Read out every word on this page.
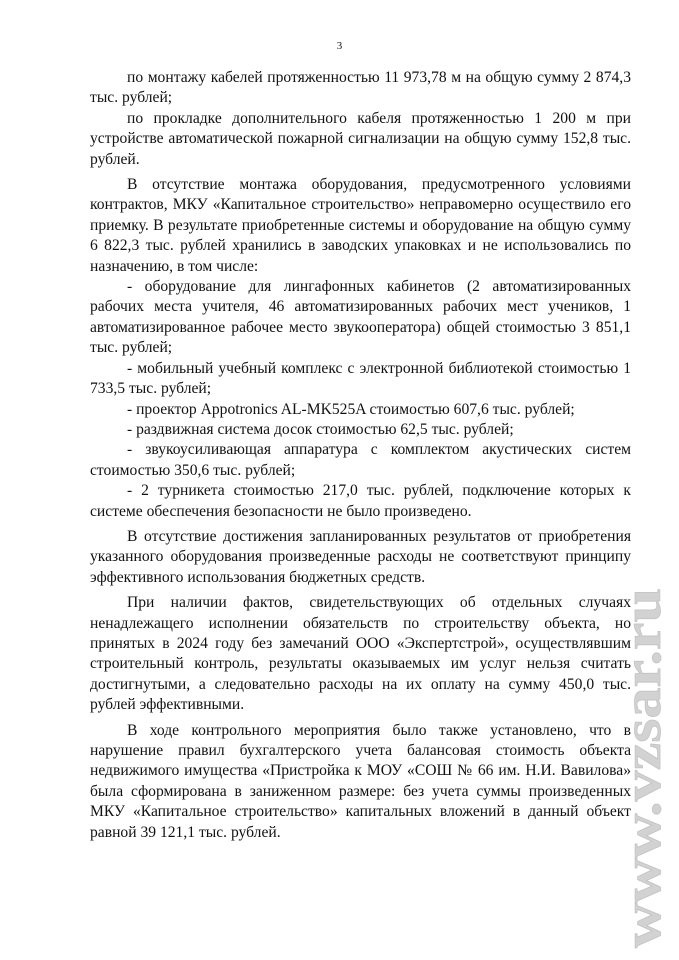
3

по монтажу кабелей протяженностью 11 973,78 м на общую сумму 2 874,3 тыс. рублей;

по прокладке дополнительного кабеля протяженностью 1 200 м при устройстве автоматической пожарной сигнализации на общую сумму 152,8 тыс. рублей.

В отсутствие монтажа оборудования, предусмотренного условиями контрактов, МКУ «Капитальное строительство» неправомерно осуществило его приемку. В результате приобретенные системы и оборудование на общую сумму 6 822,3 тыс. рублей хранились в заводских упаковках и не использовались по назначению, в том числе:

- оборудование для лингафонных кабинетов (2 автоматизированных рабочих места учителя, 46 автоматизированных рабочих мест учеников, 1 автоматизированное рабочее место звукооператора) общей стоимостью 3 851,1 тыс. рублей;

- мобильный учебный комплекс с электронной библиотекой стоимостью 1 733,5 тыс. рублей;

- проектор Appotronics AL-MK525A стоимостью 607,6 тыс. рублей;

- раздвижная система досок стоимостью 62,5 тыс. рублей;

- звукоусиливающая аппаратура с комплектом акустических систем стоимостью 350,6 тыс. рублей;

- 2 турникета стоимостью 217,0 тыс. рублей, подключение которых к системе обеспечения безопасности не было произведено.

В отсутствие достижения запланированных результатов от приобретения указанного оборудования произведенные расходы не соответствуют принципу эффективного использования бюджетных средств.

При наличии фактов, свидетельствующих об отдельных случаях ненадлежащего исполнении обязательств по строительству объекта, но принятых в 2024 году без замечаний ООО «Экспертстрой», осуществлявшим строительный контроль, результаты оказываемых им услуг нельзя считать достигнутыми, а следовательно расходы на их оплату на сумму 450,0 тыс. рублей эффективными.

В ходе контрольного мероприятия было также установлено, что в нарушение правил бухгалтерского учета балансовая стоимость объекта недвижимого имущества «Пристройка к МОУ «СОШ № 66 им. Н.И. Вавилова» была сформирована в заниженном размере: без учета суммы произведенных МКУ «Капитальное строительство» капитальных вложений в данный объект равной 39 121,1 тыс. рублей.	www.vzsar.ru
